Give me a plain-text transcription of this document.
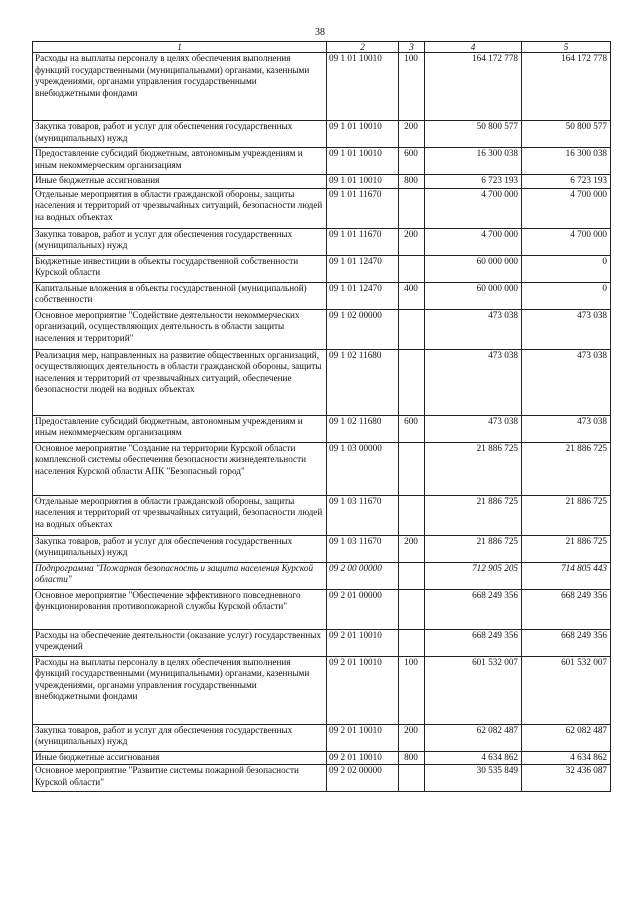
38
1	2	3	4	5
Расходы на выплаты персоналу в целях обеспечения выполнения функций государственными (муниципальными) органами, казенными учреждениями, органами управления государственными внебюджетными фондами	09 1 01 10010	100	164 172 778	164 172 778
Закупка товаров, работ и услуг для обеспечения государственных (муниципальных) нужд	09 1 01 10010	200	50 800 577	50 800 577
Предоставление субсидий бюджетным, автономным учреждениям и иным некоммерческим организациям	09 1 01 10010	600	16 300 038	16 300 038
Иные бюджетные ассигнования	09 1 01 10010	800	6 723 193	6 723 193
Отдельные мероприятия в области гражданской обороны, защиты населения и территорий от чрезвычайных ситуаций, безопасности людей на водных объектах	09 1 01 11670		4 700 000	4 700 000
Закупка товаров, работ и услуг для обеспечения государственных (муниципальных) нужд	09 1 01 11670	200	4 700 000	4 700 000
Бюджетные инвестиции в объекты государственной собственности Курской области	09 1 01 12470		60 000 000	0
Капитальные вложения в объекты государственной (муниципальной) собственности	09 1 01 12470	400	60 000 000	0
Основное мероприятие "Содействие деятельности некоммерческих организаций, осуществляющих деятельность в области защиты населения и территорий"	09 1 02 00000		473 038	473 038
Реализация мер, направленных на развитие общественных организаций, осуществляющих деятельность в области гражданской обороны, защиты населения и территорий от чрезвычайных ситуаций, обеспечение безопасности людей на водных объектах	09 1 02 11680		473 038	473 038
Предоставление субсидий бюджетным, автономным учреждениям и иным некоммерческим организациям	09 1 02 11680	600	473 038	473 038
Основное мероприятие "Создание на территории Курской области комплексной системы обеспечения безопасности жизнедеятельности населения Курской области АПК "Безопасный город"	09 1 03 00000		21 886 725	21 886 725
Отдельные мероприятия в области гражданской обороны, защиты населения и территорий от чрезвычайных ситуаций, безопасности людей на водных объектах	09 1 03 11670		21 886 725	21 886 725
Закупка товаров, работ и услуг для обеспечения государственных (муниципальных) нужд	09 1 03 11670	200	21 886 725	21 886 725
Подпрограмма "Пожарная безопасность и защита населения Курской области"	09 2 00 00000		712 905 205	714 805 443
Основное мероприятие "Обеспечение эффективного повседневного функционирования противопожарной службы Курской области"	09 2 01 00000		668 249 356	668 249 356
Расходы на обеспечение деятельности (оказание услуг) государственных учреждений	09 2 01 10010		668 249 356	668 249 356
Расходы на выплаты персоналу в целях обеспечения выполнения функций государственными (муниципальными) органами, казенными учреждениями, органами управления государственными внебюджетными фондами	09 2 01 10010	100	601 532 007	601 532 007
Закупка товаров, работ и услуг для обеспечения государственных (муниципальных) нужд	09 2 01 10010	200	62 082 487	62 082 487
Иные бюджетные ассигнования	09 2 01 10010	800	4 634 862	4 634 862
Основное мероприятие "Развитие системы пожарной безопасности Курской области"	09 2 02 00000		30 535 849	32 436 087
